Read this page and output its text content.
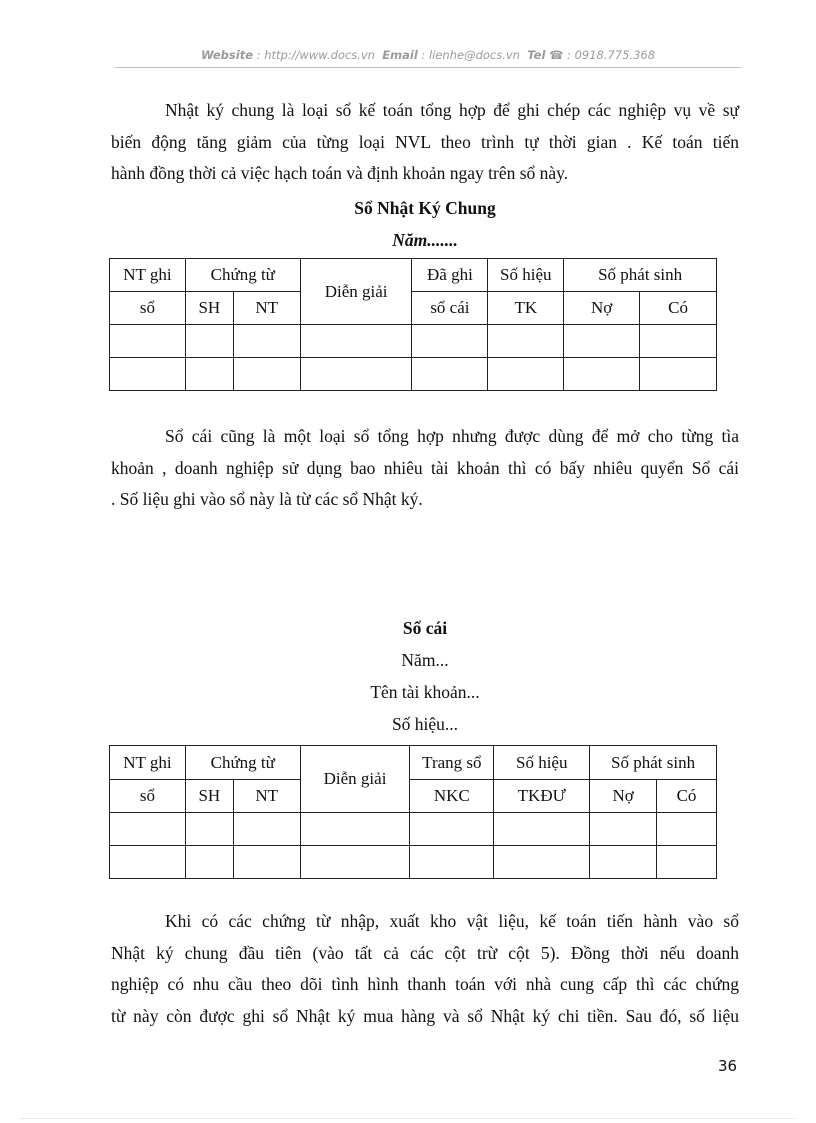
Website : http://www.docs.vn Email : lienhe@docs.vn Tel ☎ : 0918.775.368
Nhật ký chung là loại sổ kế toán tổng hợp để ghi chép các nghiệp vụ về sự
biến động tăng giảm của từng loại NVL theo trình tự thời gian . Kế toán tiến
hành đồng thời cả việc hạch toán và định khoản ngay trên sổ này.
Sổ Nhật Ký Chung
Năm.......
NT ghi	Chứng từ		Diễn giải	Đã ghi	Số hiệu	Số phát sinh	
sổ	SH	NT		sổ cái	TK	Nợ	Có

Sổ cái cũng là một loại sổ tổng hợp nhưng được dùng để mở cho từng tìa
khoản , doanh nghiệp sử dụng bao nhiêu tài khoản thì có bấy nhiêu quyển Sổ cái
. Số liệu ghi vào sổ này là từ các sổ Nhật ký.
Sổ cái
Năm...
Tên tài khoản...
Số hiệu...
NT ghi	Chứng từ		Diễn giải	Trang sổ	Số hiệu	Số phát sinh	
sổ	SH	NT		NKC	TKĐƯ	Nợ	Có

Khi có các chứng từ nhập, xuất kho vật liệu, kế toán tiến hành vào sổ
Nhật ký chung đầu tiên (vào tất cả các cột trừ cột 5). Đồng thời nếu doanh
nghiệp có nhu cầu theo dõi tình hình thanh toán với nhà cung cấp thì các chứng
từ này còn được ghi sổ Nhật ký mua hàng và sổ Nhật ký chi tiền. Sau đó, số liệu
36
